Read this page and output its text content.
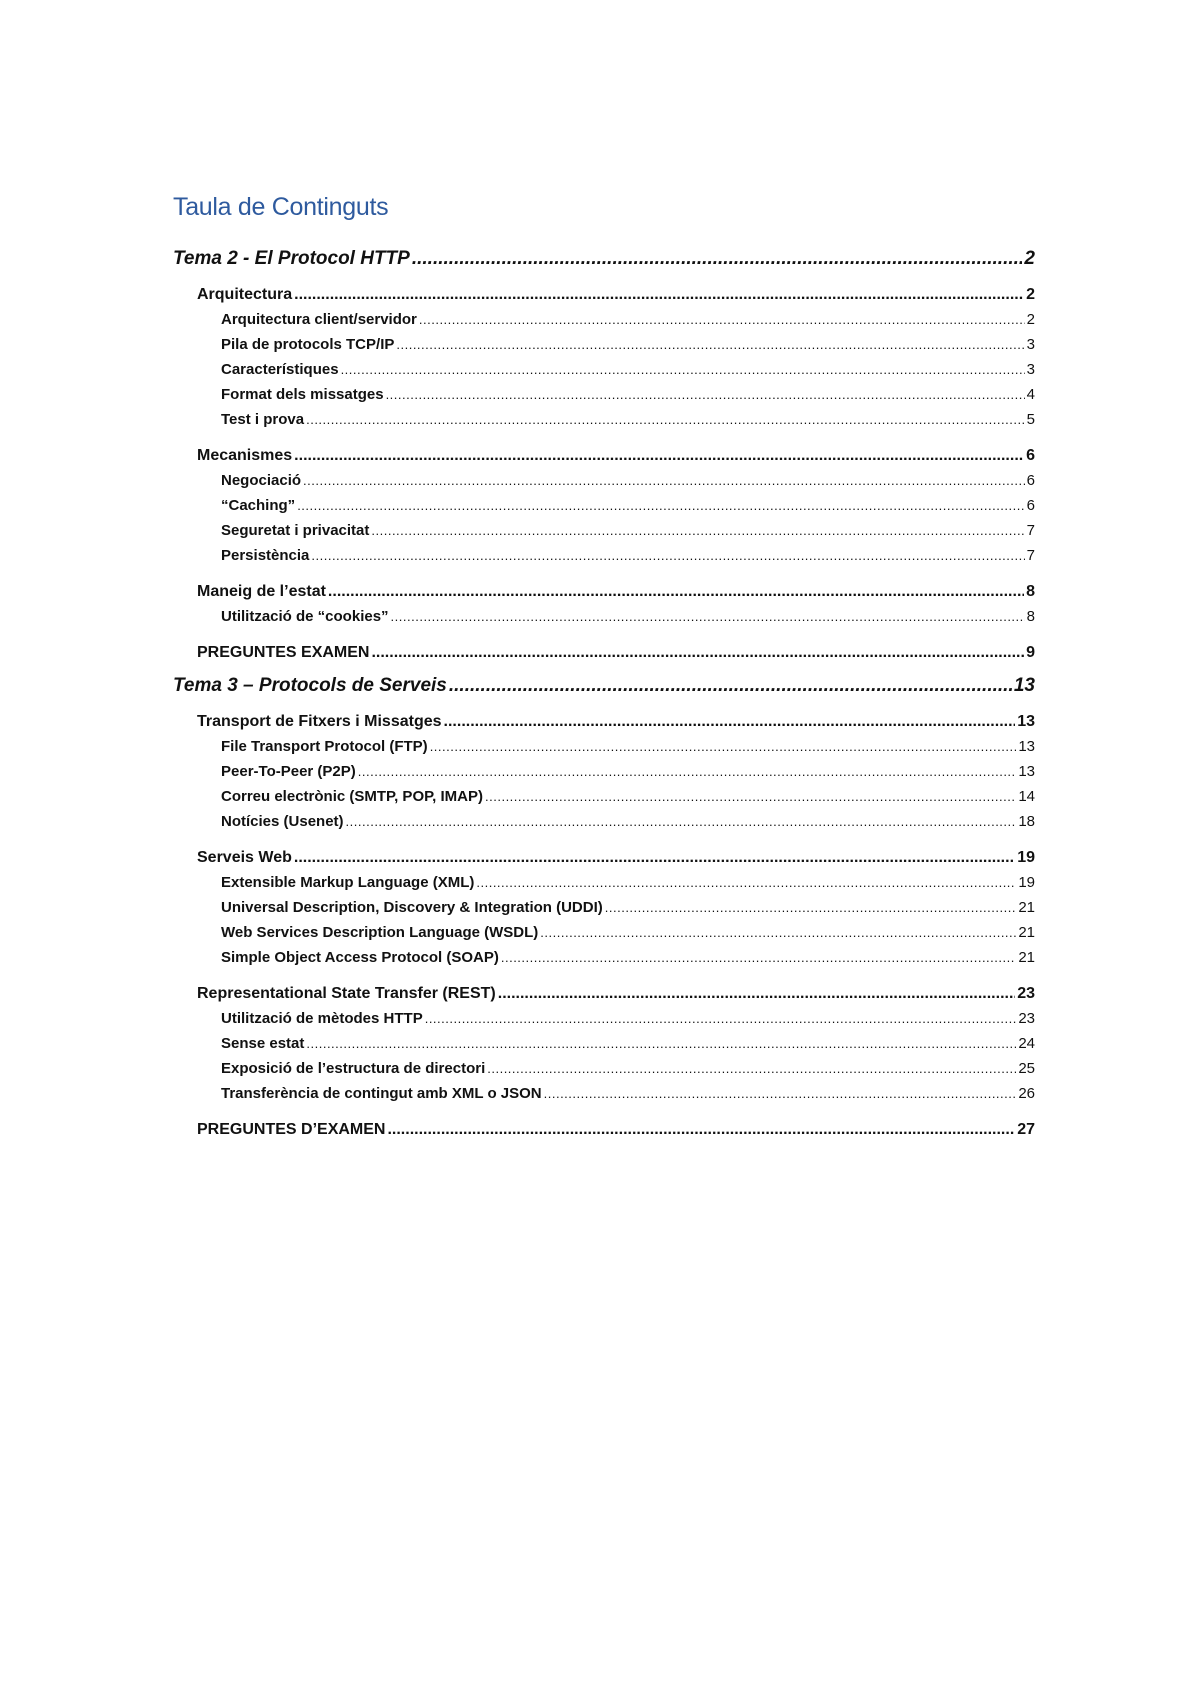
Taula de Continguts
Tema 2 - El Protocol HTTP .....	2
Arquitectura .....	2
Arquitectura client/servidor .....	2
Pila de protocols TCP/IP .....	3
Característiques .....	3
Format dels missatges .....	4
Test i prova .....	5
Mecanismes .....	6
Negociació .....	6
“Caching” .....	6
Seguretat i privacitat .....	7
Persistència .....	7
Maneig de l’estat .....	8
Utilització de “cookies” .....	8
PREGUNTES EXAMEN .....	9
Tema 3 – Protocols de Serveis .....	13
Transport de Fitxers i Missatges .....	13
File Transport Protocol (FTP) .....	13
Peer-To-Peer (P2P) .....	13
Correu electrònic (SMTP, POP, IMAP) .....	14
Notícies (Usenet) .....	18
Serveis Web .....	19
Extensible Markup Language (XML) .....	19
Universal Description, Discovery & Integration (UDDI) .....	21
Web Services Description Language (WSDL) .....	21
Simple Object Access Protocol (SOAP) .....	21
Representational State Transfer (REST) .....	23
Utilització de mètodes HTTP .....	23
Sense estat .....	24
Exposició de l’estructura de directori .....	25
Transferència de contingut amb XML o JSON .....	26
PREGUNTES D’EXAMEN .....	27
